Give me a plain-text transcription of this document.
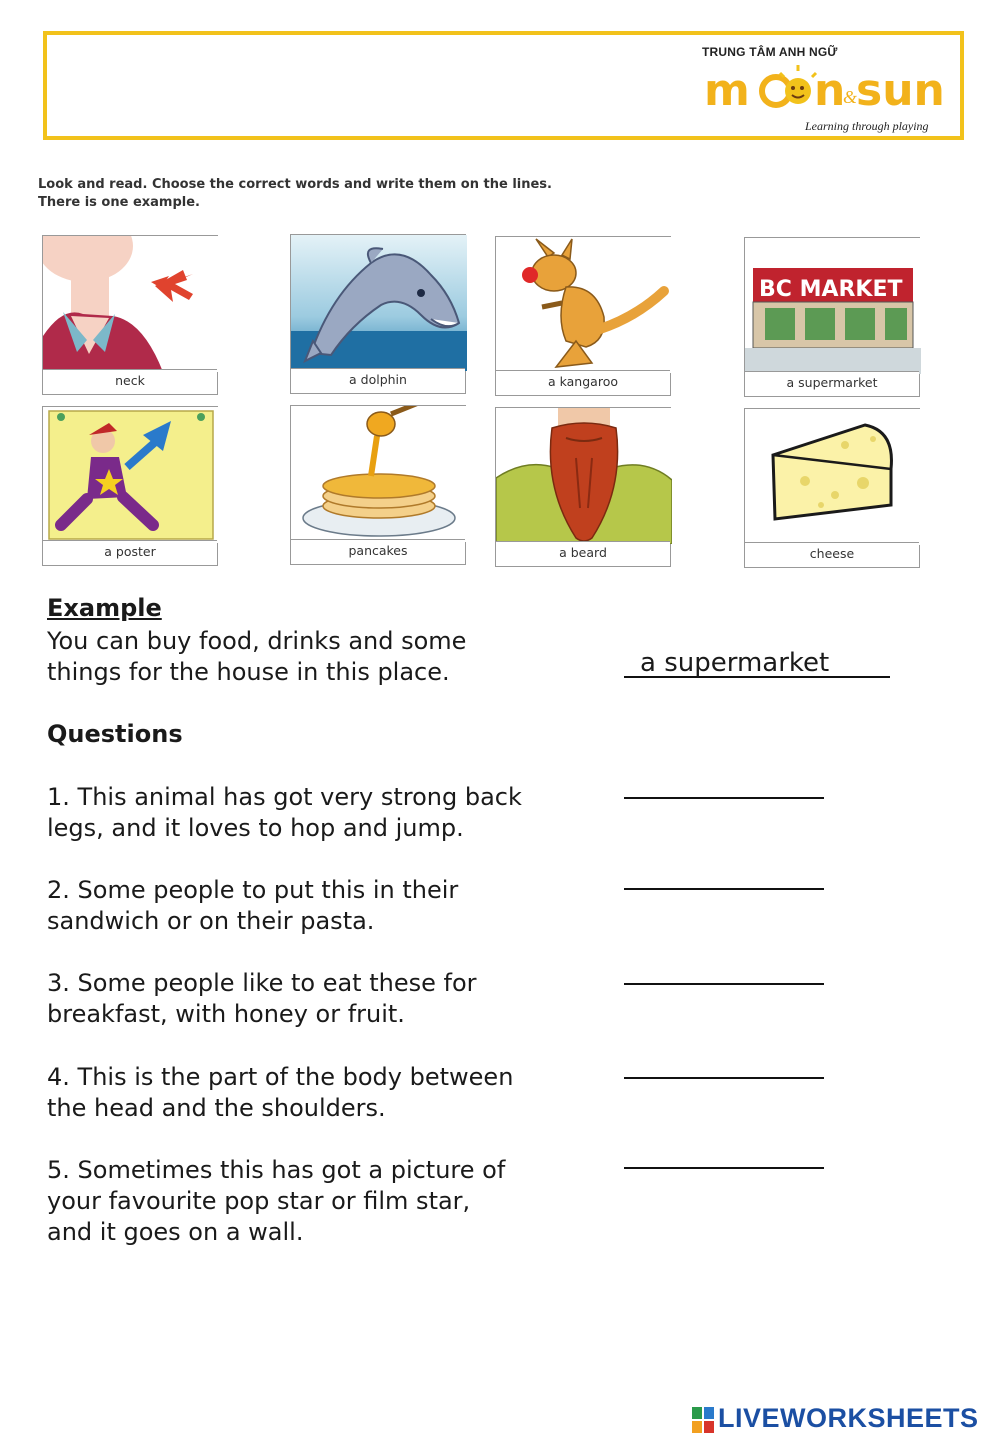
TRUNG TÂM ANH NGỮ
m n
&
sun
Learning through playing
Look and read. Choose the correct words and write them on the lines.
There is one example.
neck	a dolphin	a kangaroo
BC MARKET
a supermarket
a poster	pancakes	a beard	cheese
Example
You can buy food, drinks and some
things for the house in this place.	a supermarket
Questions
1. This animal has got very strong back
legs, and it loves to hop and jump.
2. Some people to put this in their
sandwich or on their pasta.
3. Some people like to eat these for
breakfast, with honey or fruit.
4. This is the part of the body between
the head and the shoulders.
5. Sometimes this has got a picture of
your favourite pop star or film star,
and it goes on a wall.
LIVEWORKSHEETS
